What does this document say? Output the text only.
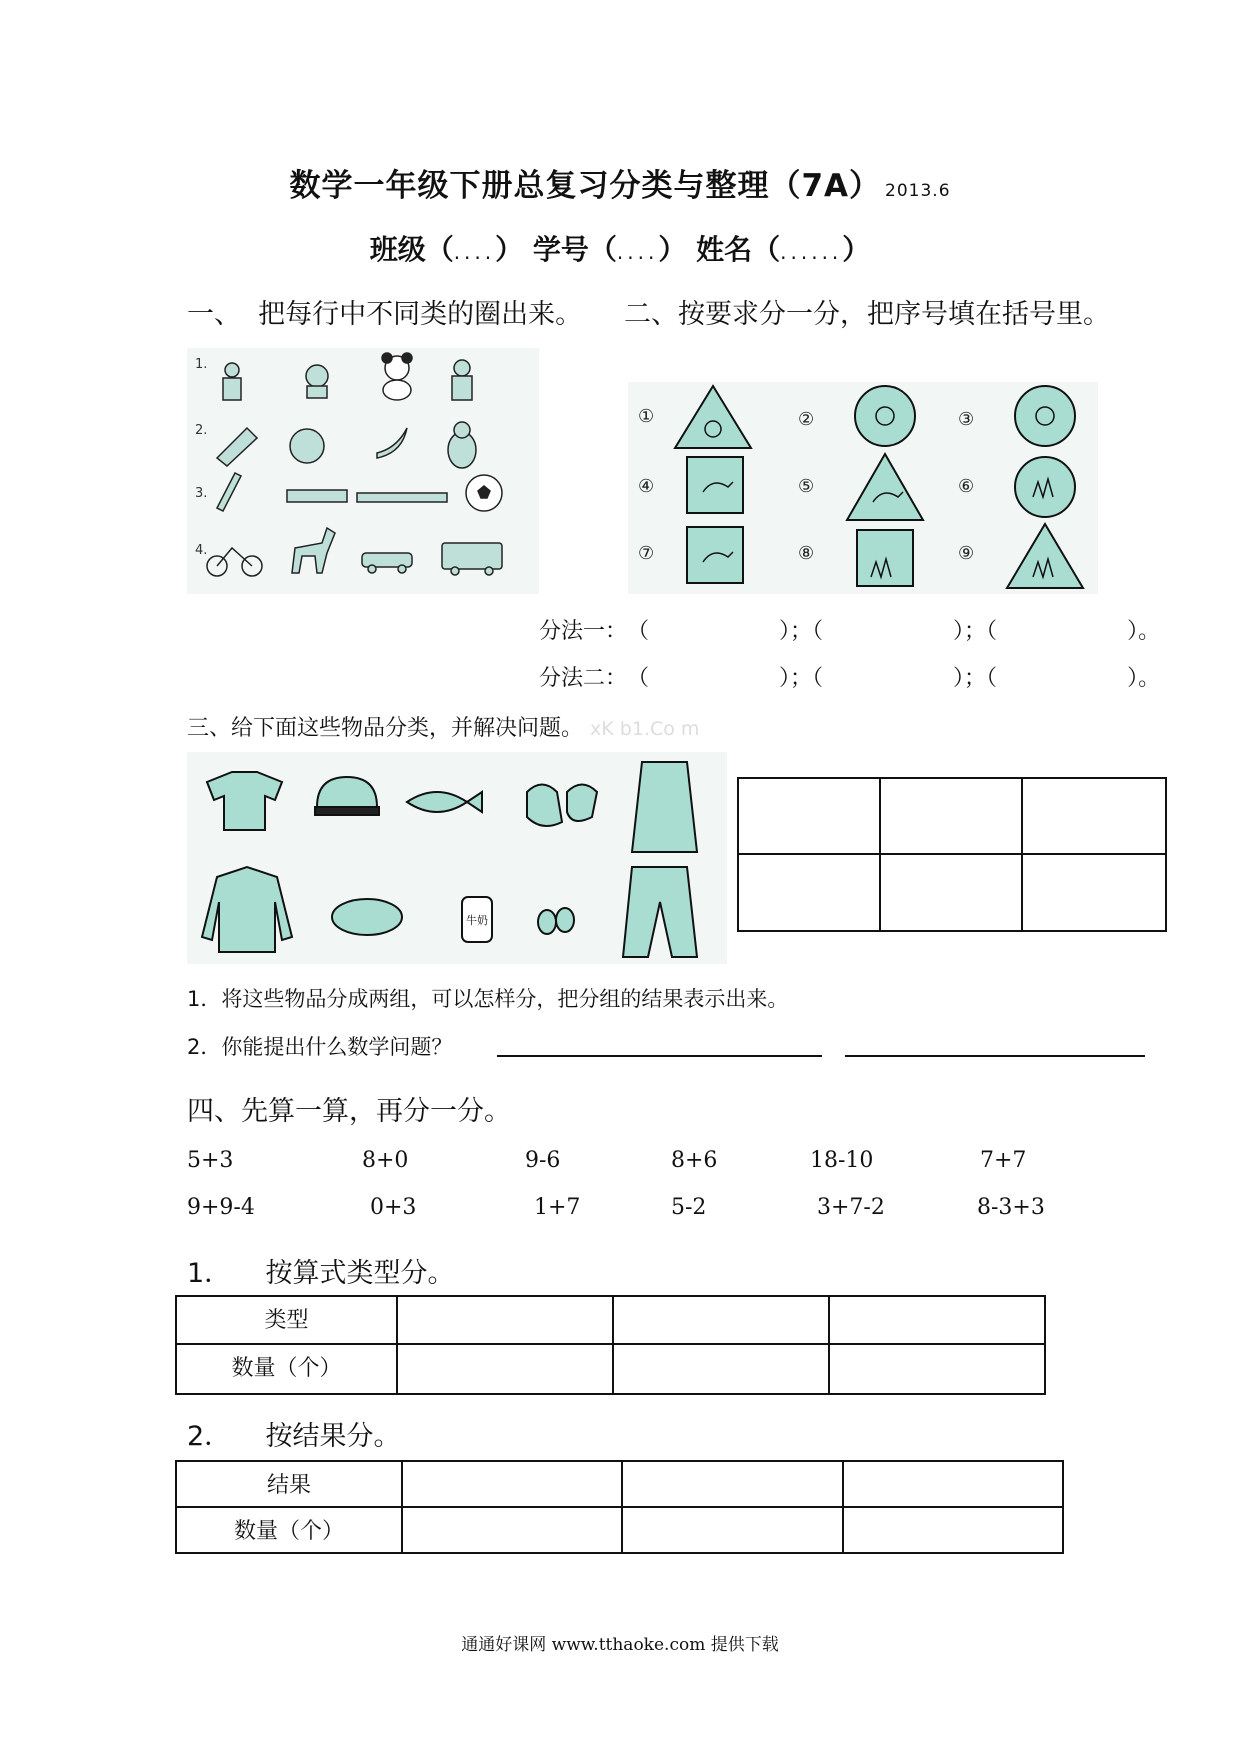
数学一年级下册总复习分类与整理（7A） 2013.6
班级（....） 学号（....） 姓名（......）
一、 把每行中不同类的圈出来。 二、按要求分一分，把序号填在括号里。
1.
2.
3.
4.
①	②	③
④	⑤	⑥
⑦	⑧	⑨
分法一：（	）；（	）；（	）。
分法二：（	）；（	）；（	）。
三、给下面这些物品分类，并解决问题。 xK b1.Co m
牛奶
1．将这些物品分成两组，可以怎样分，把分组的结果表示出来。
2．你能提出什么数学问题？
四、先算一算，再分一分。
5+3	8+0	9-6	8+6	18-10	7+7
9+9-4	0+3	1+7	5-2	3+7-2	8-3+3
1． 按算式类型分。
类型			
数量（个）			
2． 按结果分。
结果			
数量（个）			
通通好课网 www.tthaoke.com 提供下载
